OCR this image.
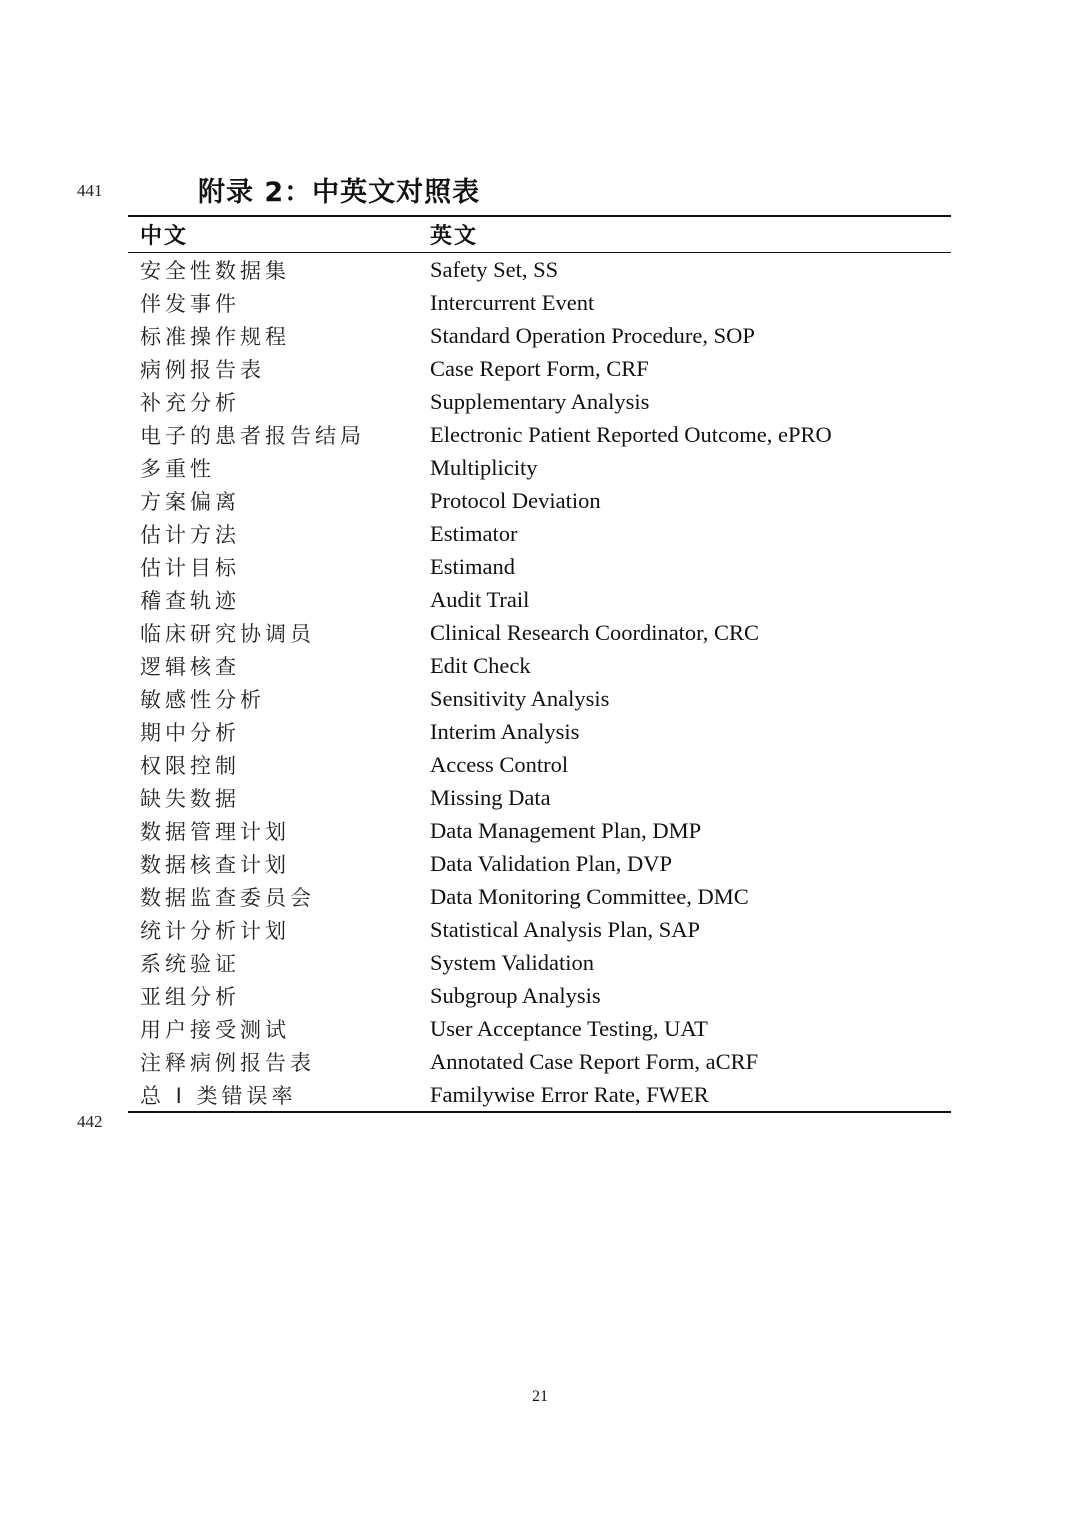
441	附录 2：中英文对照表
中文	英文
安全性数据集	Safety Set, SS
伴发事件	Intercurrent Event
标准操作规程	Standard Operation Procedure, SOP
病例报告表	Case Report Form, CRF
补充分析	Supplementary Analysis
电子的患者报告结局	Electronic Patient Reported Outcome, ePRO
多重性	Multiplicity
方案偏离	Protocol Deviation
估计方法	Estimator
估计目标	Estimand
稽查轨迹	Audit Trail
临床研究协调员	Clinical Research Coordinator, CRC
逻辑核查	Edit Check
敏感性分析	Sensitivity Analysis
期中分析	Interim Analysis
权限控制	Access Control
缺失数据	Missing Data
数据管理计划	Data Management Plan, DMP
数据核查计划	Data Validation Plan, DVP
数据监查委员会	Data Monitoring Committee, DMC
统计分析计划	Statistical Analysis Plan, SAP
系统验证	System Validation
亚组分析	Subgroup Analysis
用户接受测试	User Acceptance Testing, UAT
注释病例报告表	Annotated Case Report Form, aCRF
总 I 类错误率	Familywise Error Rate, FWER
442
21
